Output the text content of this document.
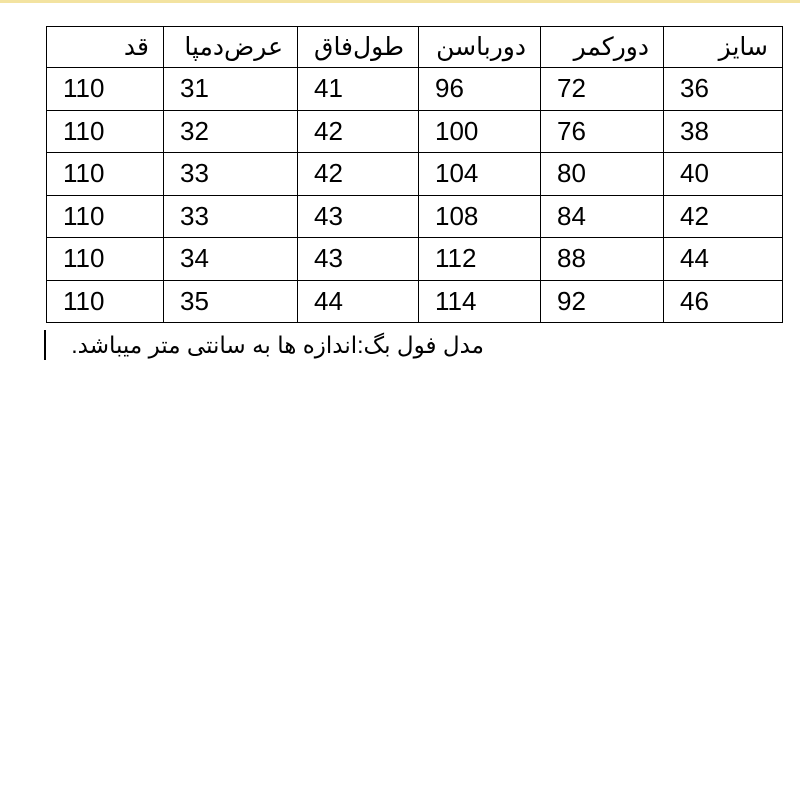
قد	عرض‌دمپا	طول‌فاق	دورباسن	دورکمر	سایز
110	31	41	96	72	36
110	32	42	100	76	38
110	33	42	104	80	40
110	33	43	108	84	42
110	34	43	112	88	44
110	35	44	114	92	46
مدل فول بگ:اندازه ها به سانتی متر میباشد.
